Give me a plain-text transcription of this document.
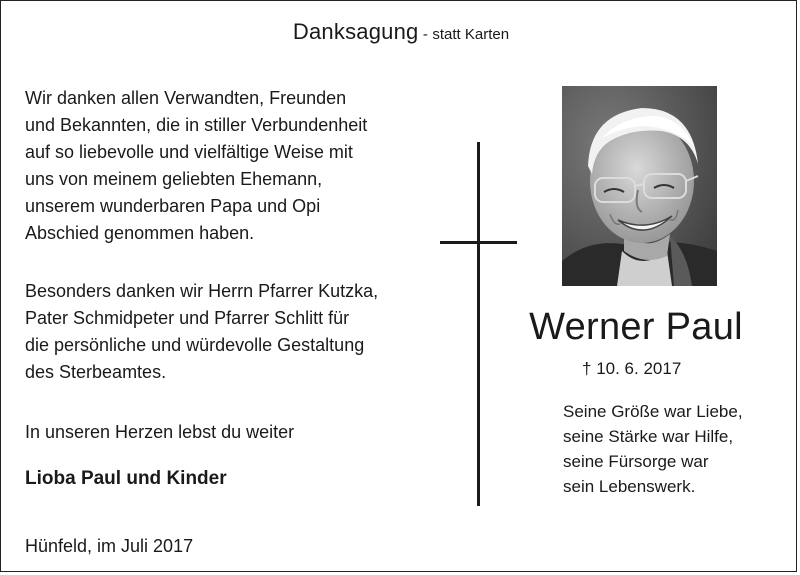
Danksagung - statt Karten
Wir danken allen Verwandten, Freunden
und Bekannten, die in stiller Verbundenheit
auf so liebevolle und vielfältige Weise mit
uns von meinem geliebten Ehemann,
unserem wunderbaren Papa und Opi
Abschied genommen haben.
Besonders danken wir Herrn Pfarrer Kutzka,
Pater Schmidpeter und Pfarrer Schlitt für
die persönliche und würdevolle Gestaltung
des Sterbeamtes.
In unseren Herzen lebst du weiter
Lioba Paul und Kinder
Hünfeld, im Juli 2017
Werner Paul
† 10. 6. 2017
Seine Größe war Liebe,
seine Stärke war Hilfe,
seine Fürsorge war
sein Lebenswerk.
